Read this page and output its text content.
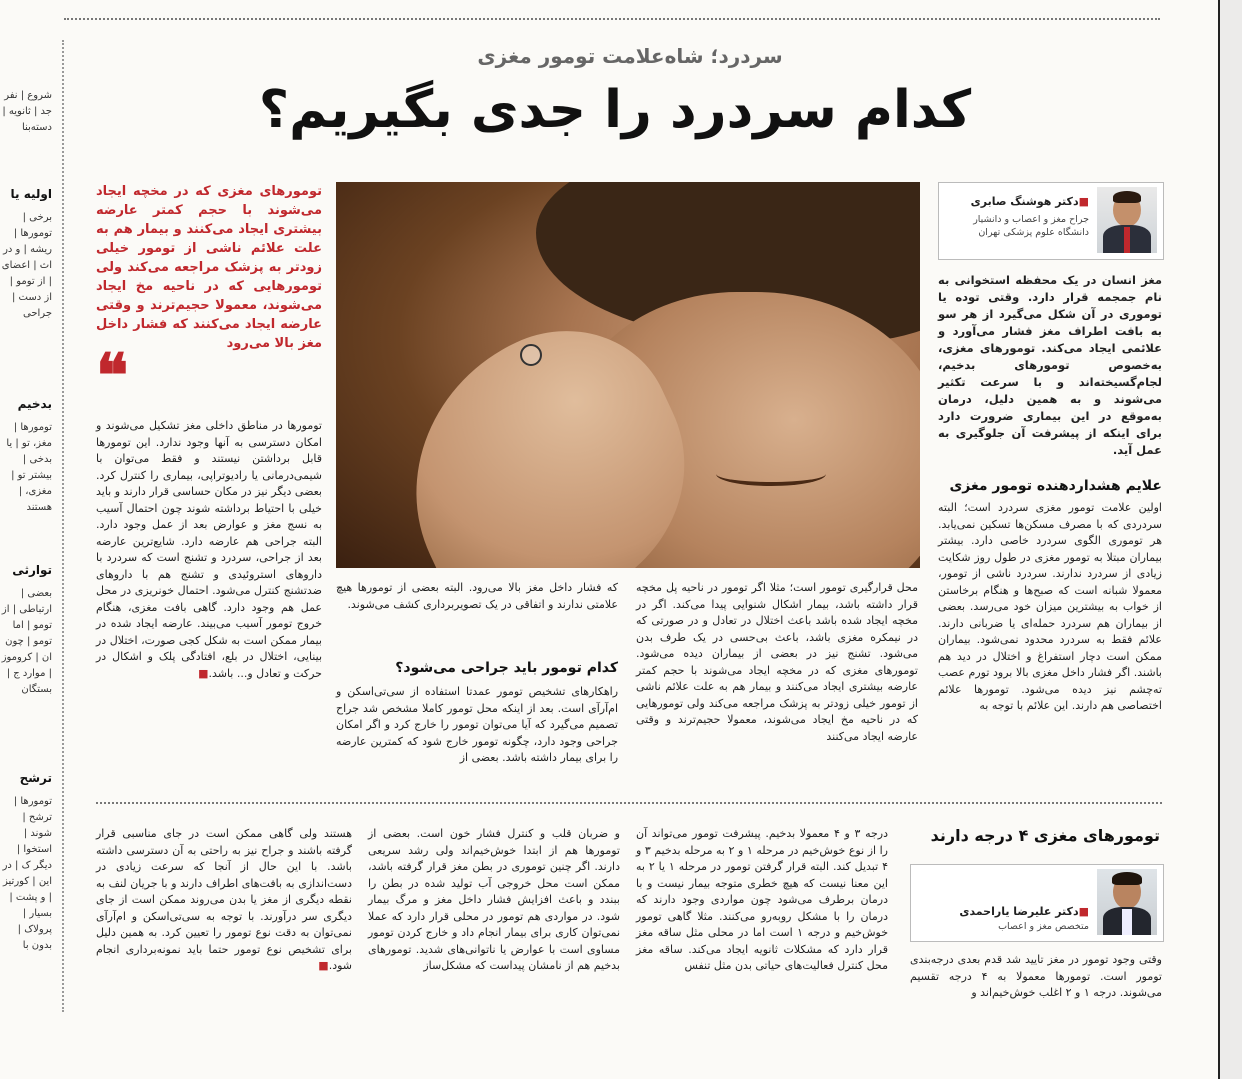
سردرد؛ شاه‌علامت تومور مغزی
کدام سردرد را جدی بگیریم؟
■دکتر هوشنگ صابری
جراح مغز و اعصاب و دانشیار دانشگاه علوم پزشکی تهران
مغز انسان در یک محفظه استخوانی به نام جمجمه قرار دارد. وقتی توده یا توموری در آن شکل می‌گیرد از هر سو به بافت اطراف مغز فشار می‌آورد و علائمی ایجاد می‌کند. تومورهای مغزی، به‌خصوص تومورهای بدخیم، لجام‌گسیخته‌اند و با سرعت تکثیر می‌شوند و به همین دلیل، درمان به‌موقع در این بیماری ضرورت دارد برای اینکه از پیشرفت آن جلوگیری به عمل آید.
علایم هشداردهنده تومور مغزی
اولین علامت تومور مغزی سردرد است؛ البته سردردی که با مصرف مسکن‌ها تسکین نمی‌یابد. هر توموری الگوی سردرد خاصی دارد. بیشتر بیماران مبتلا به تومور مغزی در طول روز شکایت زیادی از سردرد ندارند. سردرد ناشی از تومور، معمولا شبانه است که صبح‌ها و هنگام برخاستن از خواب به بیشترین میزان خود می‌رسد. بعضی از بیماران هم سردرد حمله‌ای یا ضربانی دارند. علائم فقط به سردرد محدود نمی‌شود. بیماران ممکن است دچار استفراغ و اختلال در دید هم باشند. اگر فشار داخل مغزی بالا برود تورم عصب ته‌چشم نیز دیده می‌شود. تومورها علائم اختصاصی هم دارند. این علائم با توجه به
محل قرارگیری تومور است؛ مثلا اگر تومور در ناحیه پل مخچه قرار داشته باشد، بیمار اشکال شنوایی پیدا می‌کند. اگر در مخچه ایجاد شده باشد باعث اختلال در تعادل و در صورتی که در نیمکره مغزی باشد، باعث بی‌حسی در یک طرف بدن می‌شود. تشنج نیز در بعضی از بیماران دیده می‌شود. تومورهای مغزی که در مخچه ایجاد می‌شوند با حجم کمتر عارضه بیشتری ایجاد می‌کنند و بیمار هم به علت علائم ناشی از تومور خیلی زودتر به پزشک مراجعه می‌کند ولی تومورهایی که در ناحیه مخ ایجاد می‌شوند، معمولا حجیم‌ترند و وقتی عارضه ایجاد می‌کنند
که فشار داخل مغز بالا می‌رود. البته بعضی از تومورها هیچ علامتی ندارند و اتفاقی در یک تصویربرداری کشف می‌شوند.
کدام تومور باید جراحی می‌شود؟
راهکارهای تشخیص تومور عمدتا استفاده از سی‌تی‌اسکن و ام‌آرآی است. بعد از اینکه محل تومور کاملا مشخص شد جراح تصمیم می‌گیرد که آیا می‌توان تومور را خارج کرد و اگر امکان جراحی وجود دارد، چگونه تومور خارج شود که کمترین عارضه را برای بیمار داشته باشد. بعضی از
تومورهای مغزی که در مخچه ایجاد می‌شوند با حجم کمتر عارضه بیشتری ایجاد می‌کنند و بیمار هم به علت علائم ناشی از تومور خیلی زودتر به پزشک مراجعه می‌کند ولی تومورهایی که در ناحیه مخ ایجاد می‌شوند، معمولا حجیم‌ترند و وقتی عارضه ایجاد می‌کنند که فشار داخل مغز بالا می‌رود
❝
تومورها در مناطق داخلی مغز تشکیل می‌شوند و امکان دسترسی به آنها وجود ندارد. این تومورها قابل برداشتن نیستند و فقط می‌توان با شیمی‌درمانی یا رادیوتراپی، بیماری را کنترل کرد. بعضی دیگر نیز در مکان حساسی قرار دارند و باید خیلی با احتیاط برداشته شوند چون احتمال آسیب به نسج مغز و عوارض بعد از عمل وجود دارد. البته جراحی هم عارضه دارد. شایع‌ترین عارضه بعد از جراحی، سردرد و تشنج است که سردرد با داروهای استروئیدی و تشنج هم با داروهای ضدتشنج کنترل می‌شود. احتمال خونریزی در محل عمل هم وجود دارد. گاهی بافت مغزی، هنگام خروج تومور آسیب می‌بیند. عارضه ایجاد شده در بیمار ممکن است به شکل کجی صورت، اختلال در بینایی، اختلال در بلع، افتادگی پلک و اشکال در حرکت و تعادل و... باشد.■
تومورهای مغزی ۴ درجه دارند
■دکتر علیرضا یاراحمدی
متخصص مغز و اعصاب
وقتی وجود تومور در مغز تایید شد قدم بعدی درجه‌بندی تومور است. تومورها معمولا به ۴ درجه تقسیم می‌شوند. درجه ۱ و ۲ اغلب خوش‌خیم‌اند و
درجه ۳ و ۴ معمولا بدخیم. پیشرفت تومور می‌تواند آن را از نوع خوش‌خیم در مرحله ۱ و ۲ به مرحله بدخیم ۳ و ۴ تبدیل کند. البته قرار گرفتن تومور در مرحله ۱ یا ۲ به این معنا نیست که هیچ خطری متوجه بیمار نیست و با درمان برطرف می‌شود چون مواردی وجود دارند که درمان را با مشکل روبه‌رو می‌کنند. مثلا گاهی تومور خوش‌خیم و درجه ۱ است اما در محلی مثل ساقه مغز قرار دارد که مشکلات ثانویه ایجاد می‌کند. ساقه مغز محل کنترل فعالیت‌های حیاتی بدن مثل تنفس
و ضربان قلب و کنترل فشار خون است. بعضی از تومورها هم از ابتدا خوش‌خیم‌اند ولی رشد سریعی دارند. اگر چنین توموری در بطن مغز قرار گرفته باشد، ممکن است محل خروجی آب تولید شده در بطن را ببندد و باعث افزایش فشار داخل مغز و مرگ بیمار شود. در مواردی هم تومور در محلی قرار دارد که عملا نمی‌توان کاری برای بیمار انجام داد و خارج کردن تومور مساوی است با عوارض یا ناتوانی‌های شدید. تومورهای بدخیم هم از نامشان پیداست که مشکل‌ساز
هستند ولی گاهی ممکن است در جای مناسبی قرار گرفته باشند و جراح نیز به راحتی به آن دسترسی داشته باشد. با این حال از آنجا که سرعت زیادی در دست‌اندازی به بافت‌های اطراف دارند و با جریان لنف به نقطه دیگری از مغز یا بدن می‌روند ممکن است از جای دیگری سر درآورند. با توجه به سی‌تی‌اسکن و ام‌آرآی نمی‌توان به دقت نوع تومور را تعیین کرد. به همین دلیل برای تشخیص نوع تومور حتما باید نمونه‌برداری انجام شود.■
شروع | نفر جد | ثانویه | دسته‌بنا
اولیه یا
برخی | تومورها | ریشه | و در اث | اعضای | از تومو | از دست | جراحی
بدخیم
تومورها | مغز، تو | یا بدخی | بیشتر تو | مغزی، | هستند
توارثی
بعضی | ارتباطی | از تومو | اما تومو | چون ان | کروموز | موارد ج | بستگان
ترشح
تومورها | ترشح | شوند | استخوا | دیگر ک | در این | کورتیز | و پشت | بسیار | پرولاک | بدون با
